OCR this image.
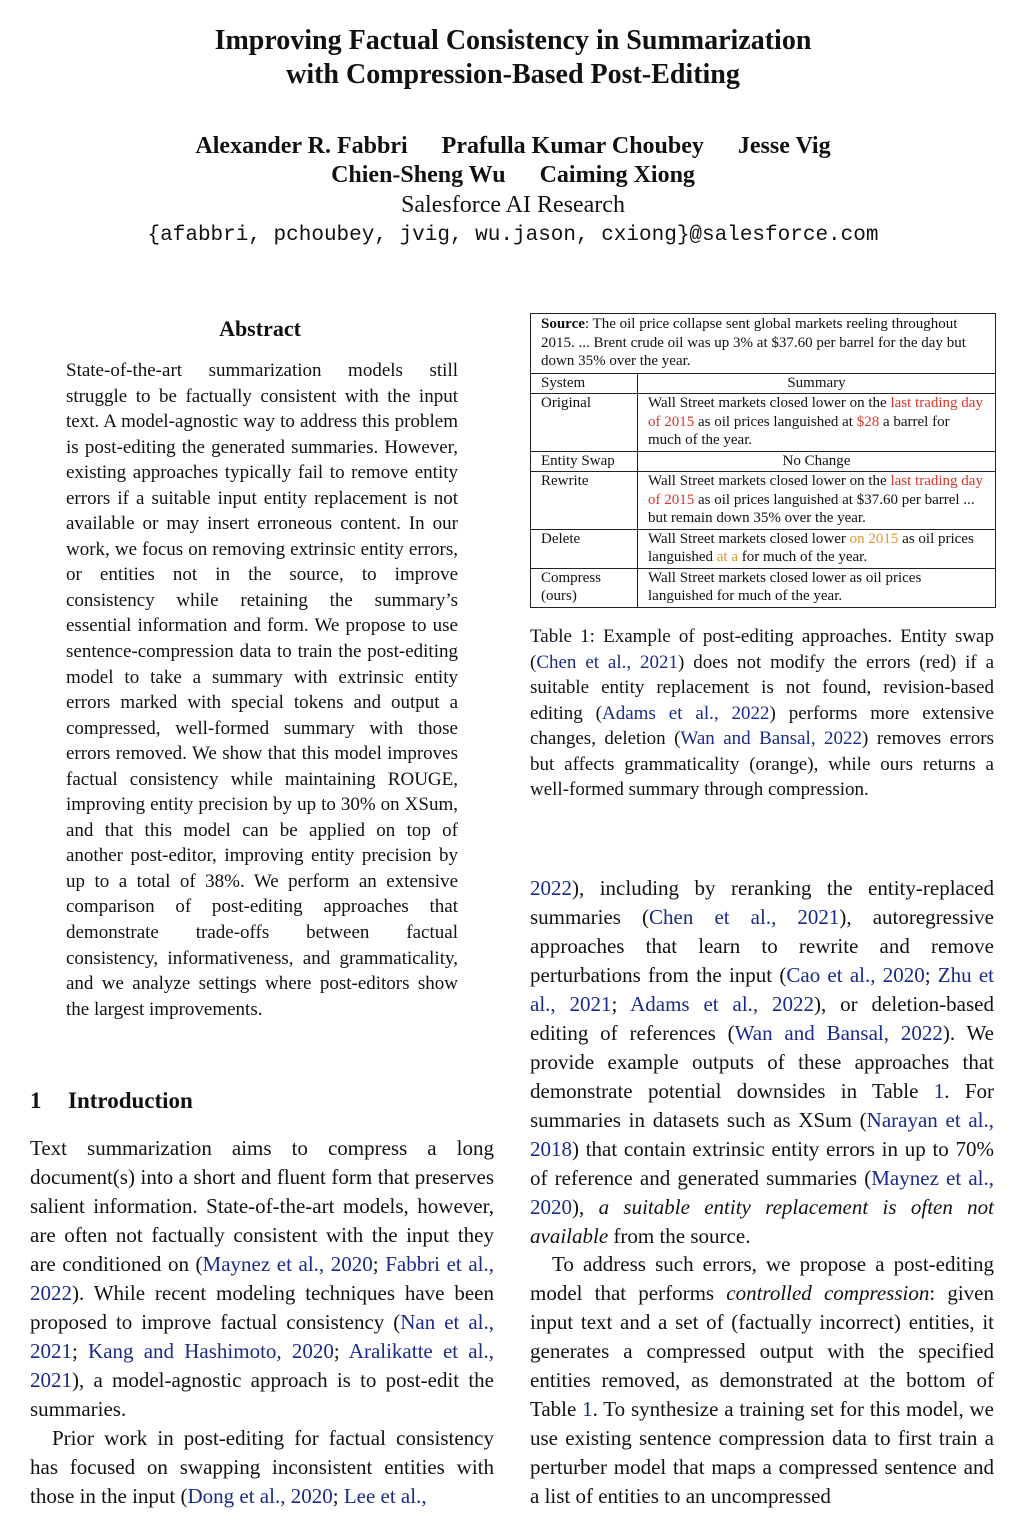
Improving Factual Consistency in Summarization
with Compression-Based Post-Editing
Alexander R. Fabbri Prafulla Kumar Choubey Jesse Vig
Chien-Sheng Wu Caiming Xiong
Salesforce AI Research
{afabbri, pchoubey, jvig, wu.jason, cxiong}@salesforce.com
Abstract
State-of-the-art summarization models still struggle to be factually consistent with the input text. A model-agnostic way to address this problem is post-editing the generated summaries. However, existing approaches typically fail to remove entity errors if a suitable input entity replacement is not available or may insert erroneous content. In our work, we focus on removing extrinsic entity errors, or entities not in the source, to improve consistency while retaining the summary’s essential information and form. We propose to use sentence-compression data to train the post-editing model to take a summary with extrinsic entity errors marked with special tokens and output a compressed, well-formed summary with those errors removed. We show that this model improves factual consistency while maintaining ROUGE, improving entity precision by up to 30% on XSum, and that this model can be applied on top of another post-editor, improving entity precision by up to a total of 38%. We perform an extensive comparison of post-editing approaches that demonstrate trade-offs between factual consistency, informativeness, and grammaticality, and we analyze settings where post-editors show the largest improvements.
Source: The oil price collapse sent global markets reeling throughout 2015. ... Brent crude oil was up 3% at $37.60 per barrel for the day but down 35% over the year.
System	Summary
Original	Wall Street markets closed lower on the last trading day of 2015 as oil prices languished at $28 a barrel for much of the year.
Entity Swap	No Change
Rewrite	Wall Street markets closed lower on the last trading day of 2015 as oil prices languished at $37.60 per barrel ... but remain down 35% over the year.
Delete	Wall Street markets closed lower on 2015 as oil prices languished at a for much of the year.

Compress
(ours)	Wall Street markets closed lower as oil prices languished for much of the year.
Table 1: Example of post-editing approaches. Entity swap (Chen et al., 2021) does not modify the errors (red) if a suitable entity replacement is not found, revision-based editing (Adams et al., 2022) performs more extensive changes, deletion (Wan and Bansal, 2022) removes errors but affects grammaticality (orange), while ours returns a well-formed summary through compression.
1 Introduction
Text summarization aims to compress a long document(s) into a short and fluent form that preserves salient information. State-of-the-art models, however, are often not factually consistent with the input they are conditioned on (Maynez et al., 2020; Fabbri et al., 2022). While recent modeling techniques have been proposed to improve factual consistency (Nan et al., 2021; Kang and Hashimoto, 2020; Aralikatte et al., 2021), a model-agnostic approach is to post-edit the summaries.
Prior work in post-editing for factual consistency has focused on swapping inconsistent entities with those in the input (Dong et al., 2020; Lee et al.,
2022), including by reranking the entity-replaced summaries (Chen et al., 2021), autoregressive approaches that learn to rewrite and remove perturbations from the input (Cao et al., 2020; Zhu et al., 2021; Adams et al., 2022), or deletion-based editing of references (Wan and Bansal, 2022). We provide example outputs of these approaches that demonstrate potential downsides in Table 1. For summaries in datasets such as XSum (Narayan et al., 2018) that contain extrinsic entity errors in up to 70% of reference and generated summaries (Maynez et al., 2020), a suitable entity replacement is often not available from the source.
To address such errors, we propose a post-editing model that performs controlled compression: given input text and a set of (factually incorrect) entities, it generates a compressed output with the specified entities removed, as demonstrated at the bottom of Table 1. To synthesize a training set for this model, we use existing sentence compression data to first train a perturber model that maps a compressed sentence and a list of entities to an uncompressed
